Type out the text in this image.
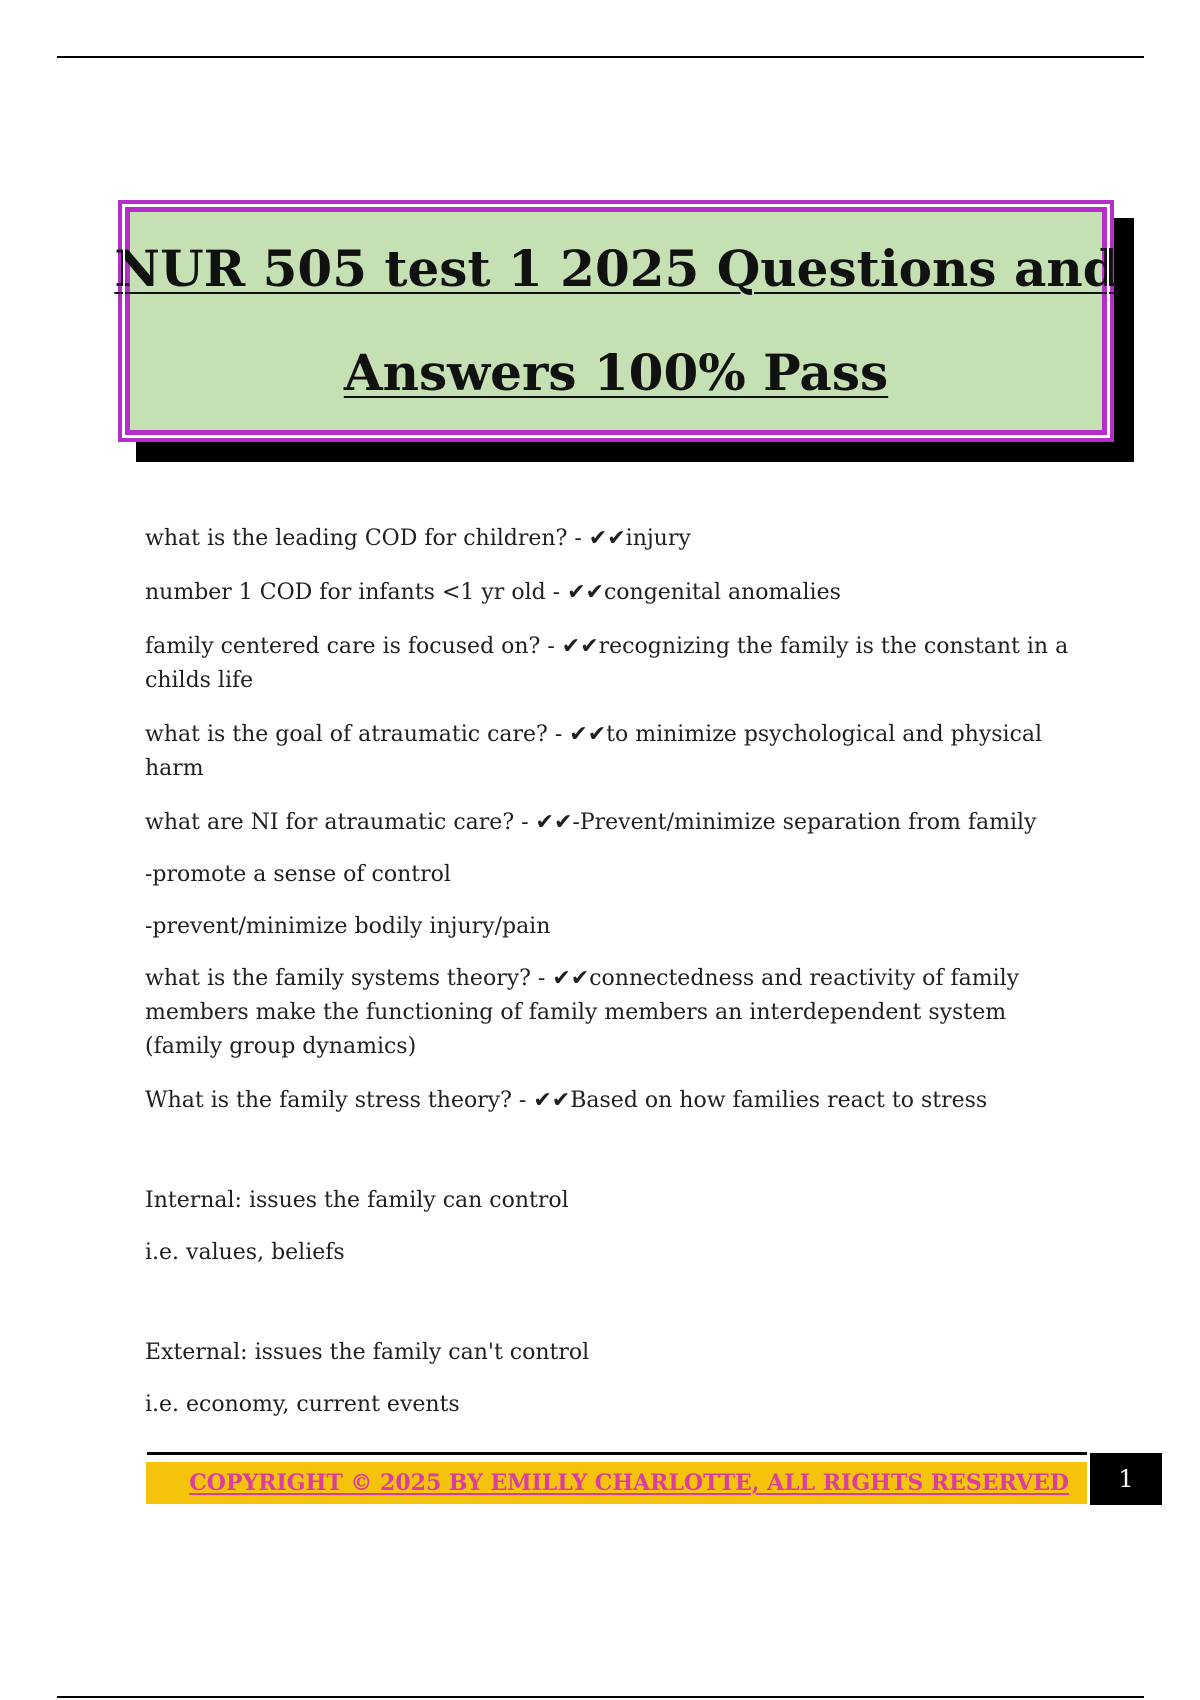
NUR 505 test 1 2025 Questions and
Answers 100% Pass

what is the leading COD for children? - ✔✔injury

number 1 COD for infants <1 yr old - ✔✔congenital anomalies

family centered care is focused on? - ✔✔recognizing the family is the constant in a childs life

what is the goal of atraumatic care? - ✔✔to minimize psychological and physical harm

what are NI for atraumatic care? - ✔✔-Prevent/minimize separation from family

-promote a sense of control

-prevent/minimize bodily injury/pain

what is the family systems theory? - ✔✔connectedness and reactivity of family members make the functioning of family members an interdependent system (family group dynamics)

What is the family stress theory? - ✔✔Based on how families react to stress

Internal: issues the family can control

i.e. values, beliefs

External: issues the family can't control

i.e. economy, current events

COPYRIGHT © 2025 BY EMILLY CHARLOTTE, ALL RIGHTS RESERVED	1
